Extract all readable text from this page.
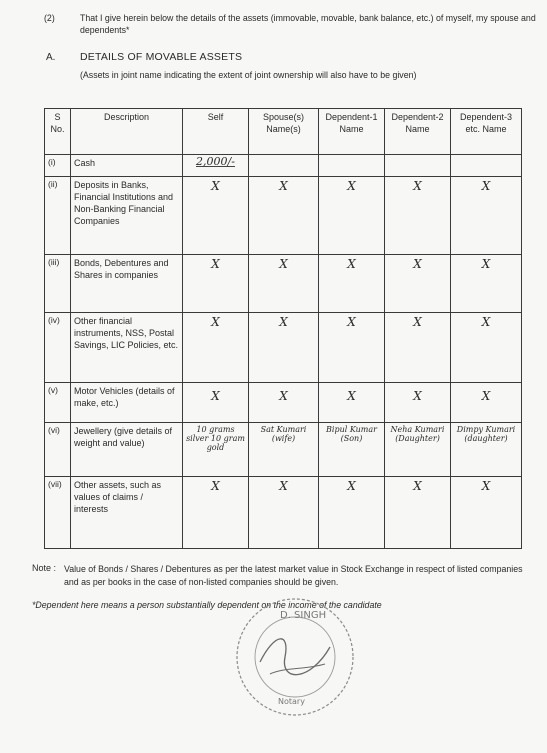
(2)	That I give herein below the details of the assets (immovable, movable, bank balance, etc.) of myself, my spouse and dependents*
A. DETAILS OF MOVABLE ASSETS
(Assets in joint name indicating the extent of joint ownership will also have to be given)
S No.	Description	Self	Spouse(s) Name(s)	Dependent-1 Name	Dependent-2 Name	Dependent-3 etc. Name
(i)	Cash	2,000/-				
(ii)	Deposits in Banks, Financial Institutions and Non-Banking Financial Companies	X	X	X	X	X
(iii)	Bonds, Debentures and Shares in companies	X	X	X	X	X
(iv)	Other financial instruments, NSS, Postal Savings, LIC Policies, etc.	X	X	X	X	X
(v)	Motor Vehicles (details of make, etc.)	X	X	X	X	X
(vi)	Jewellery (give details of weight and value)	10 grams silver 10 gram gold	Sat Kumari (wife)	Bipul Kumar (Son)	Neha Kumari (Daughter)	Dimpy Kumari (daughter)
(vii)	Other assets, such as values of claims / interests	X	X	X	X	X
Note : Value of Bonds / Shares / Debentures as per the latest market value in Stock Exchange in respect of listed companies and as per books in the case of non-listed companies should be given.
*Dependent here means a person substantially dependent on the income of the candidate
D. SINGH
Notary
